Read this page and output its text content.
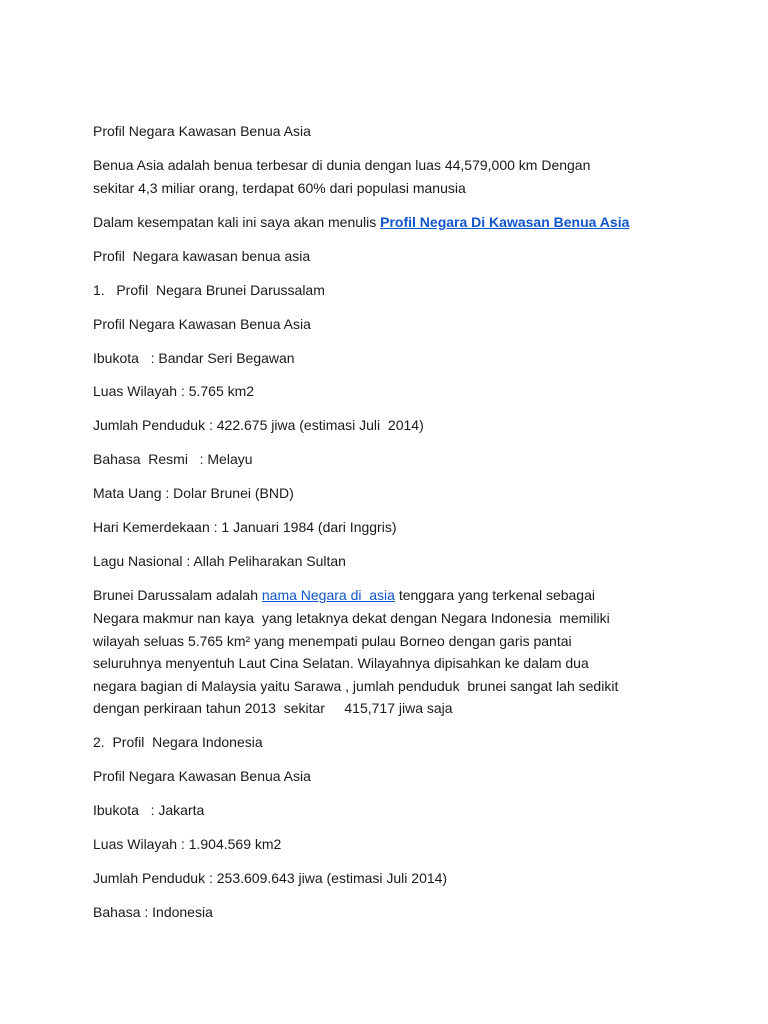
Profil Negara Kawasan Benua Asia

Benua Asia adalah benua terbesar di dunia dengan luas 44,579,000 km Dengan
sekitar 4,3 miliar orang, terdapat 60% dari populasi manusia

Dalam kesempatan kali ini saya akan menulis Profil Negara Di Kawasan Benua Asia

Profil  Negara kawasan benua asia

1.   Profil  Negara Brunei Darussalam

Profil Negara Kawasan Benua Asia

Ibukota   : Bandar Seri Begawan

Luas Wilayah : 5.765 km2

Jumlah Penduduk : 422.675 jiwa (estimasi Juli  2014)

Bahasa  Resmi   : Melayu

Mata Uang : Dolar Brunei (BND)

Hari Kemerdekaan : 1 Januari 1984 (dari Inggris)

Lagu Nasional : Allah Peliharakan Sultan

Brunei Darussalam adalah nama Negara di  asia tenggara yang terkenal sebagai
Negara makmur nan kaya  yang letaknya dekat dengan Negara Indonesia  memiliki
wilayah seluas 5.765 km² yang menempati pulau Borneo dengan garis pantai
seluruhnya menyentuh Laut Cina Selatan. Wilayahnya dipisahkan ke dalam dua
negara bagian di Malaysia yaitu Sarawa , jumlah penduduk  brunei sangat lah sedikit
dengan perkiraan tahun 2013  sekitar     415,717 jiwa saja

2.  Profil  Negara Indonesia

Profil Negara Kawasan Benua Asia

Ibukota   : Jakarta

Luas Wilayah : 1.904.569 km2

Jumlah Penduduk : 253.609.643 jiwa (estimasi Juli 2014)

Bahasa : Indonesia
